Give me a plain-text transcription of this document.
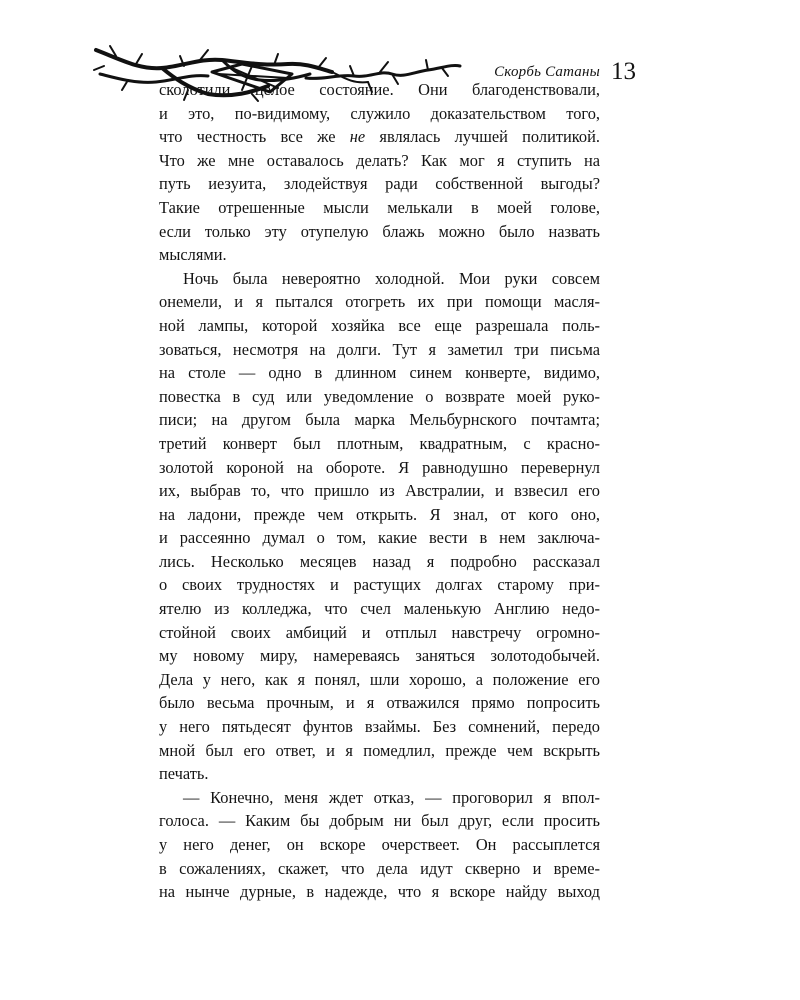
Скорбь Сатаны 13
сколотили целое состояние. Они благоденствовали,
и это, по-видимому, служило доказательством того,
что честность все же не являлась лучшей политикой.
Что же мне оставалось делать? Как мог я ступить на
путь иезуита, злодействуя ради собственной выгоды?
Такие отрешенные мысли мелькали в моей голове,
если только эту отупелую блажь можно было назвать
мыслями.
Ночь была невероятно холодной. Мои руки совсем
онемели, и я пытался отогреть их при помощи масля-
ной лампы, которой хозяйка все еще разрешала поль-
зоваться, несмотря на долги. Тут я заметил три письма
на столе — одно в длинном синем конверте, видимо,
повестка в суд или уведомление о возврате моей руко-
писи; на другом была марка Мельбурнского почтамта;
третий конверт был плотным, квадратным, с красно-
золотой короной на обороте. Я равнодушно перевернул
их, выбрав то, что пришло из Австралии, и взвесил его
на ладони, прежде чем открыть. Я знал, от кого оно,
и рассеянно думал о том, какие вести в нем заключа-
лись. Несколько месяцев назад я подробно рассказал
о своих трудностях и растущих долгах старому при-
ятелю из колледжа, что счел маленькую Англию недо-
стойной своих амбиций и отплыл навстречу огромно-
му новому миру, намереваясь заняться золотодобычей.
Дела у него, как я понял, шли хорошо, а положение его
было весьма прочным, и я отважился прямо попросить
у него пятьдесят фунтов взаймы. Без сомнений, передо
мной был его ответ, и я помедлил, прежде чем вскрыть
печать.
— Конечно, меня ждет отказ, — проговорил я впол-
голоса. — Каким бы добрым ни был друг, если просить
у него денег, он вскоре очерствеет. Он рассыплется
в сожалениях, скажет, что дела идут скверно и време-
на нынче дурные, в надежде, что я вскоре найду выход
